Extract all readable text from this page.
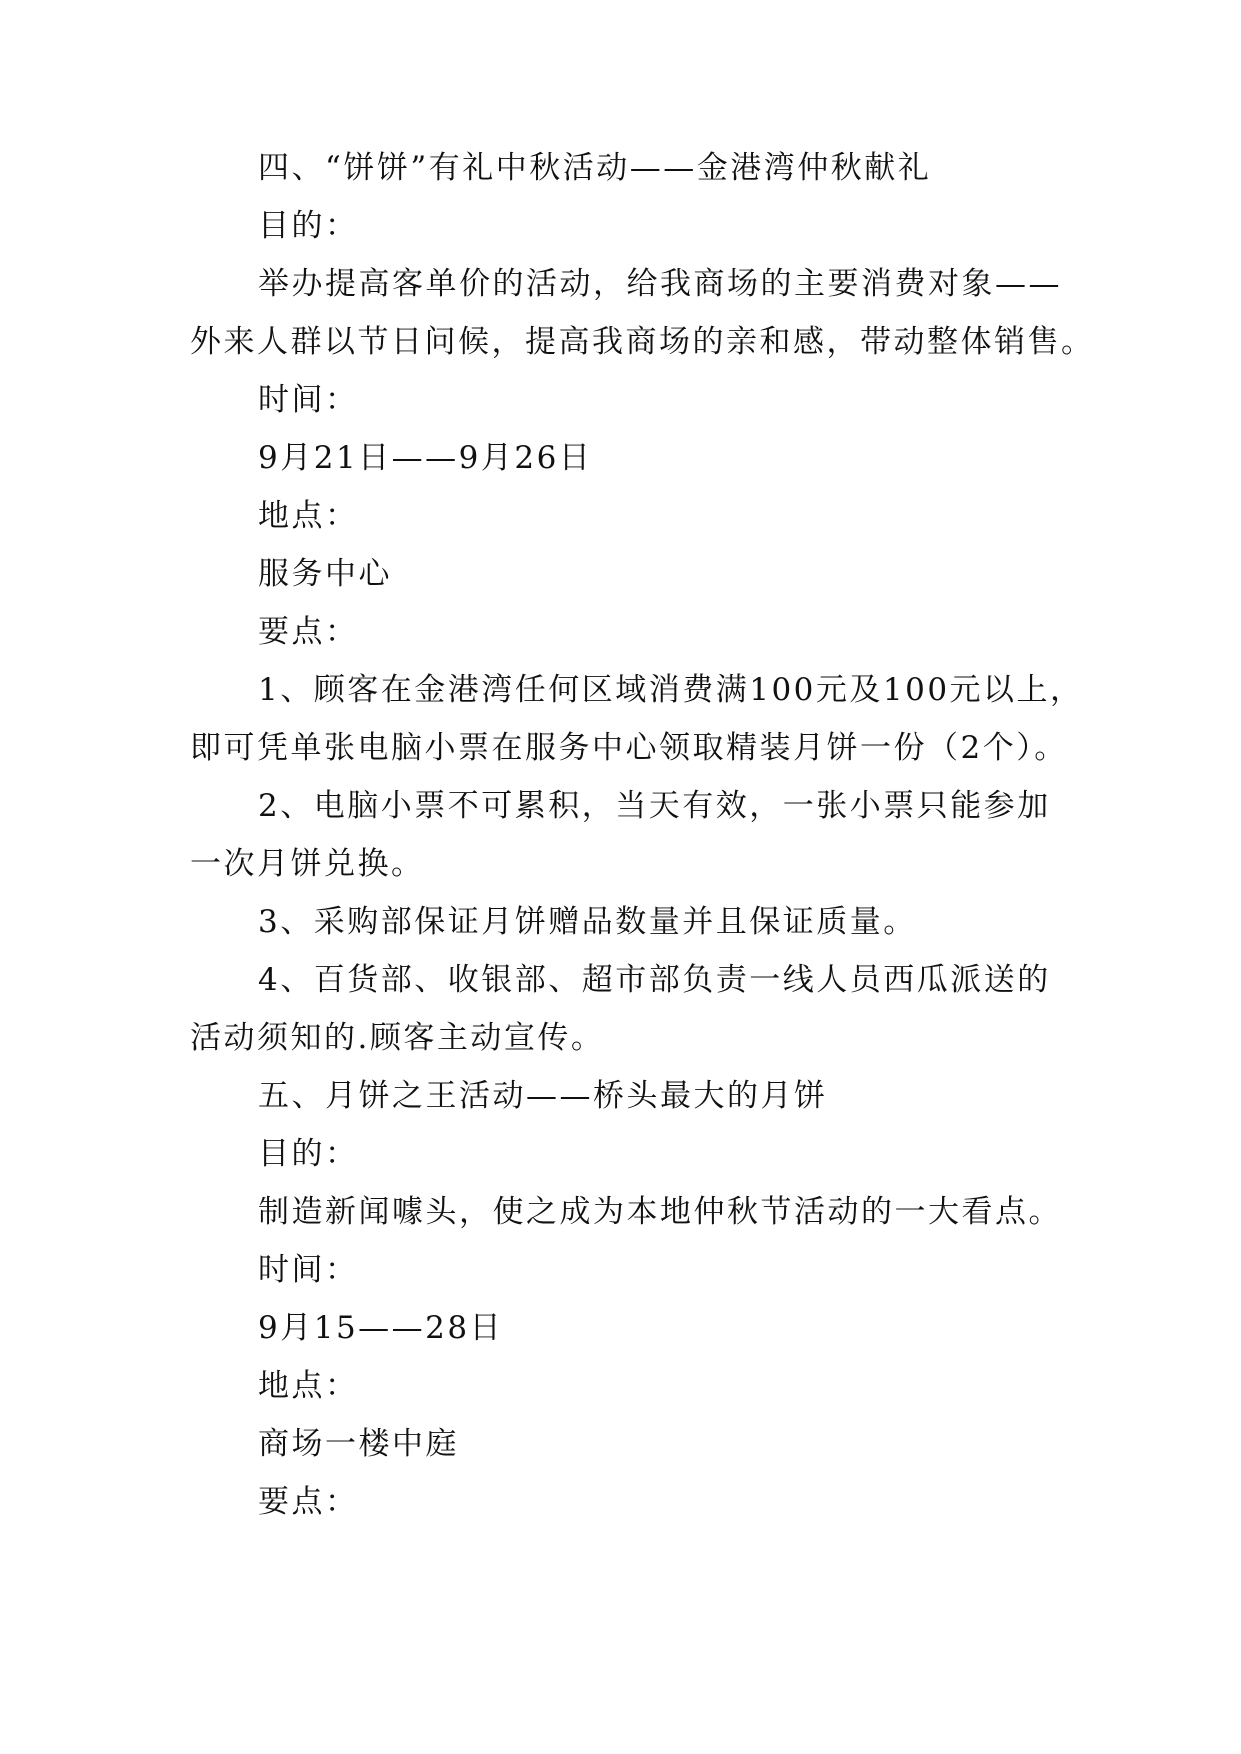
四、“饼饼”有礼中秋活动——金港湾仲秋献礼
目的：
举办提高客单价的活动，给我商场的主要消费对象——
外来人群以节日问候，提高我商场的亲和感，带动整体销售。
时间：
9月21日——9月26日
地点：
服务中心
要点：
1、顾客在金港湾任何区域消费满100元及100元以上，
即可凭单张电脑小票在服务中心领取精装月饼一份（2个）。
2、电脑小票不可累积，当天有效，一张小票只能参加
一次月饼兑换。
3、采购部保证月饼赠品数量并且保证质量。
4、百货部、收银部、超市部负责一线人员西瓜派送的
活动须知的.顾客主动宣传。
五、月饼之王活动——桥头最大的月饼
目的：
制造新闻噱头，使之成为本地仲秋节活动的一大看点。
时间：
9月15——28日
地点：
商场一楼中庭
要点：
